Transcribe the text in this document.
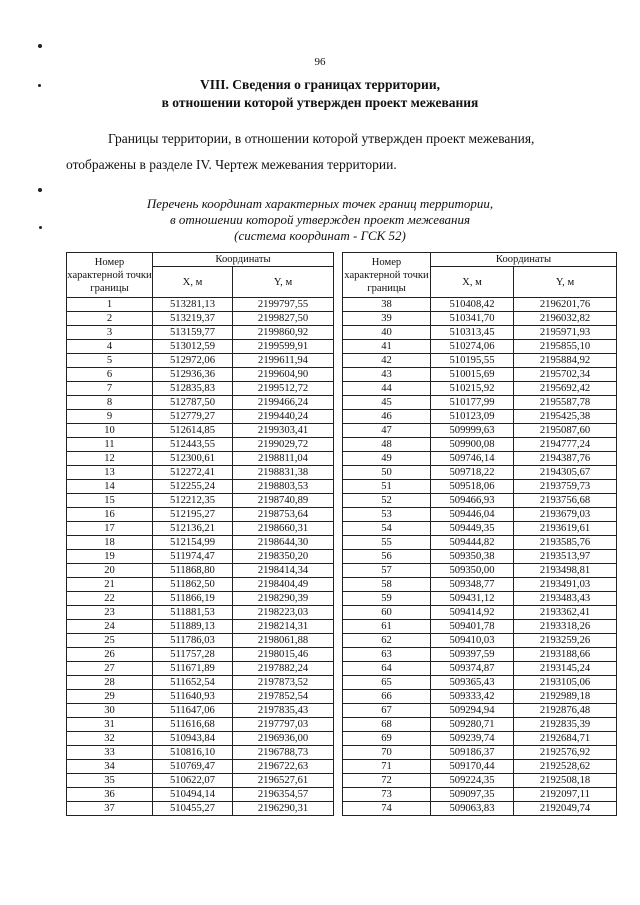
96
VIII. Сведения о границах территории,
в отношении которой утвержден проект межевания
Границы территории, в отношении которой утвержден проект межевания,
отображены в разделе IV. Чертеж межевания территории.
Перечень координат характерных точек границ территории,
в отношении которой утвержден проект межевания
(система координат - ГСК 52)
Номер характерной точки границы	Координаты	
	X, м	Y, м
1	513281,13	2199797,55
2	513219,37	2199827,50
3	513159,77	2199860,92
4	513012,59	2199599,91
5	512972,06	2199611,94
6	512936,36	2199604,90
7	512835,83	2199512,72
8	512787,50	2199466,24
9	512779,27	2199440,24
10	512614,85	2199303,41
11	512443,55	2199029,72
12	512300,61	2198811,04
13	512272,41	2198831,38
14	512255,24	2198803,53
15	512212,35	2198740,89
16	512195,27	2198753,64
17	512136,21	2198660,31
18	512154,99	2198644,30
19	511974,47	2198350,20
20	511868,80	2198414,34
21	511862,50	2198404,49
22	511866,19	2198290,39
23	511881,53	2198223,03
24	511889,13	2198214,31
25	511786,03	2198061,88
26	511757,28	2198015,46
27	511671,89	2197882,24
28	511652,54	2197873,52
29	511640,93	2197852,54
30	511647,06	2197835,43
31	511616,68	2197797,03
32	510943,84	2196936,00
33	510816,10	2196788,73
34	510769,47	2196722,63
35	510622,07	2196527,61
36	510494,14	2196354,57
37	510455,27	2196290,31
Номер характерной точки границы	Координаты	
	X, м	Y, м
38	510408,42	2196201,76
39	510341,70	2196032,82
40	510313,45	2195971,93
41	510274,06	2195855,10
42	510195,55	2195884,92
43	510015,69	2195702,34
44	510215,92	2195692,42
45	510177,99	2195587,78
46	510123,09	2195425,38
47	509999,63	2195087,60
48	509900,08	2194777,24
49	509746,14	2194387,76
50	509718,22	2194305,67
51	509518,06	2193759,73
52	509466,93	2193756,68
53	509446,04	2193679,03
54	509449,35	2193619,61
55	509444,82	2193585,76
56	509350,38	2193513,97
57	509350,00	2193498,81
58	509348,77	2193491,03
59	509431,12	2193483,43
60	509414,92	2193362,41
61	509401,78	2193318,26
62	509410,03	2193259,26
63	509397,59	2193188,66
64	509374,87	2193145,24
65	509365,43	2193105,06
66	509333,42	2192989,18
67	509294,94	2192876,48
68	509280,71	2192835,39
69	509239,74	2192684,71
70	509186,37	2192576,92
71	509170,44	2192528,62
72	509224,35	2192508,18
73	509097,35	2192097,11
74	509063,83	2192049,74
